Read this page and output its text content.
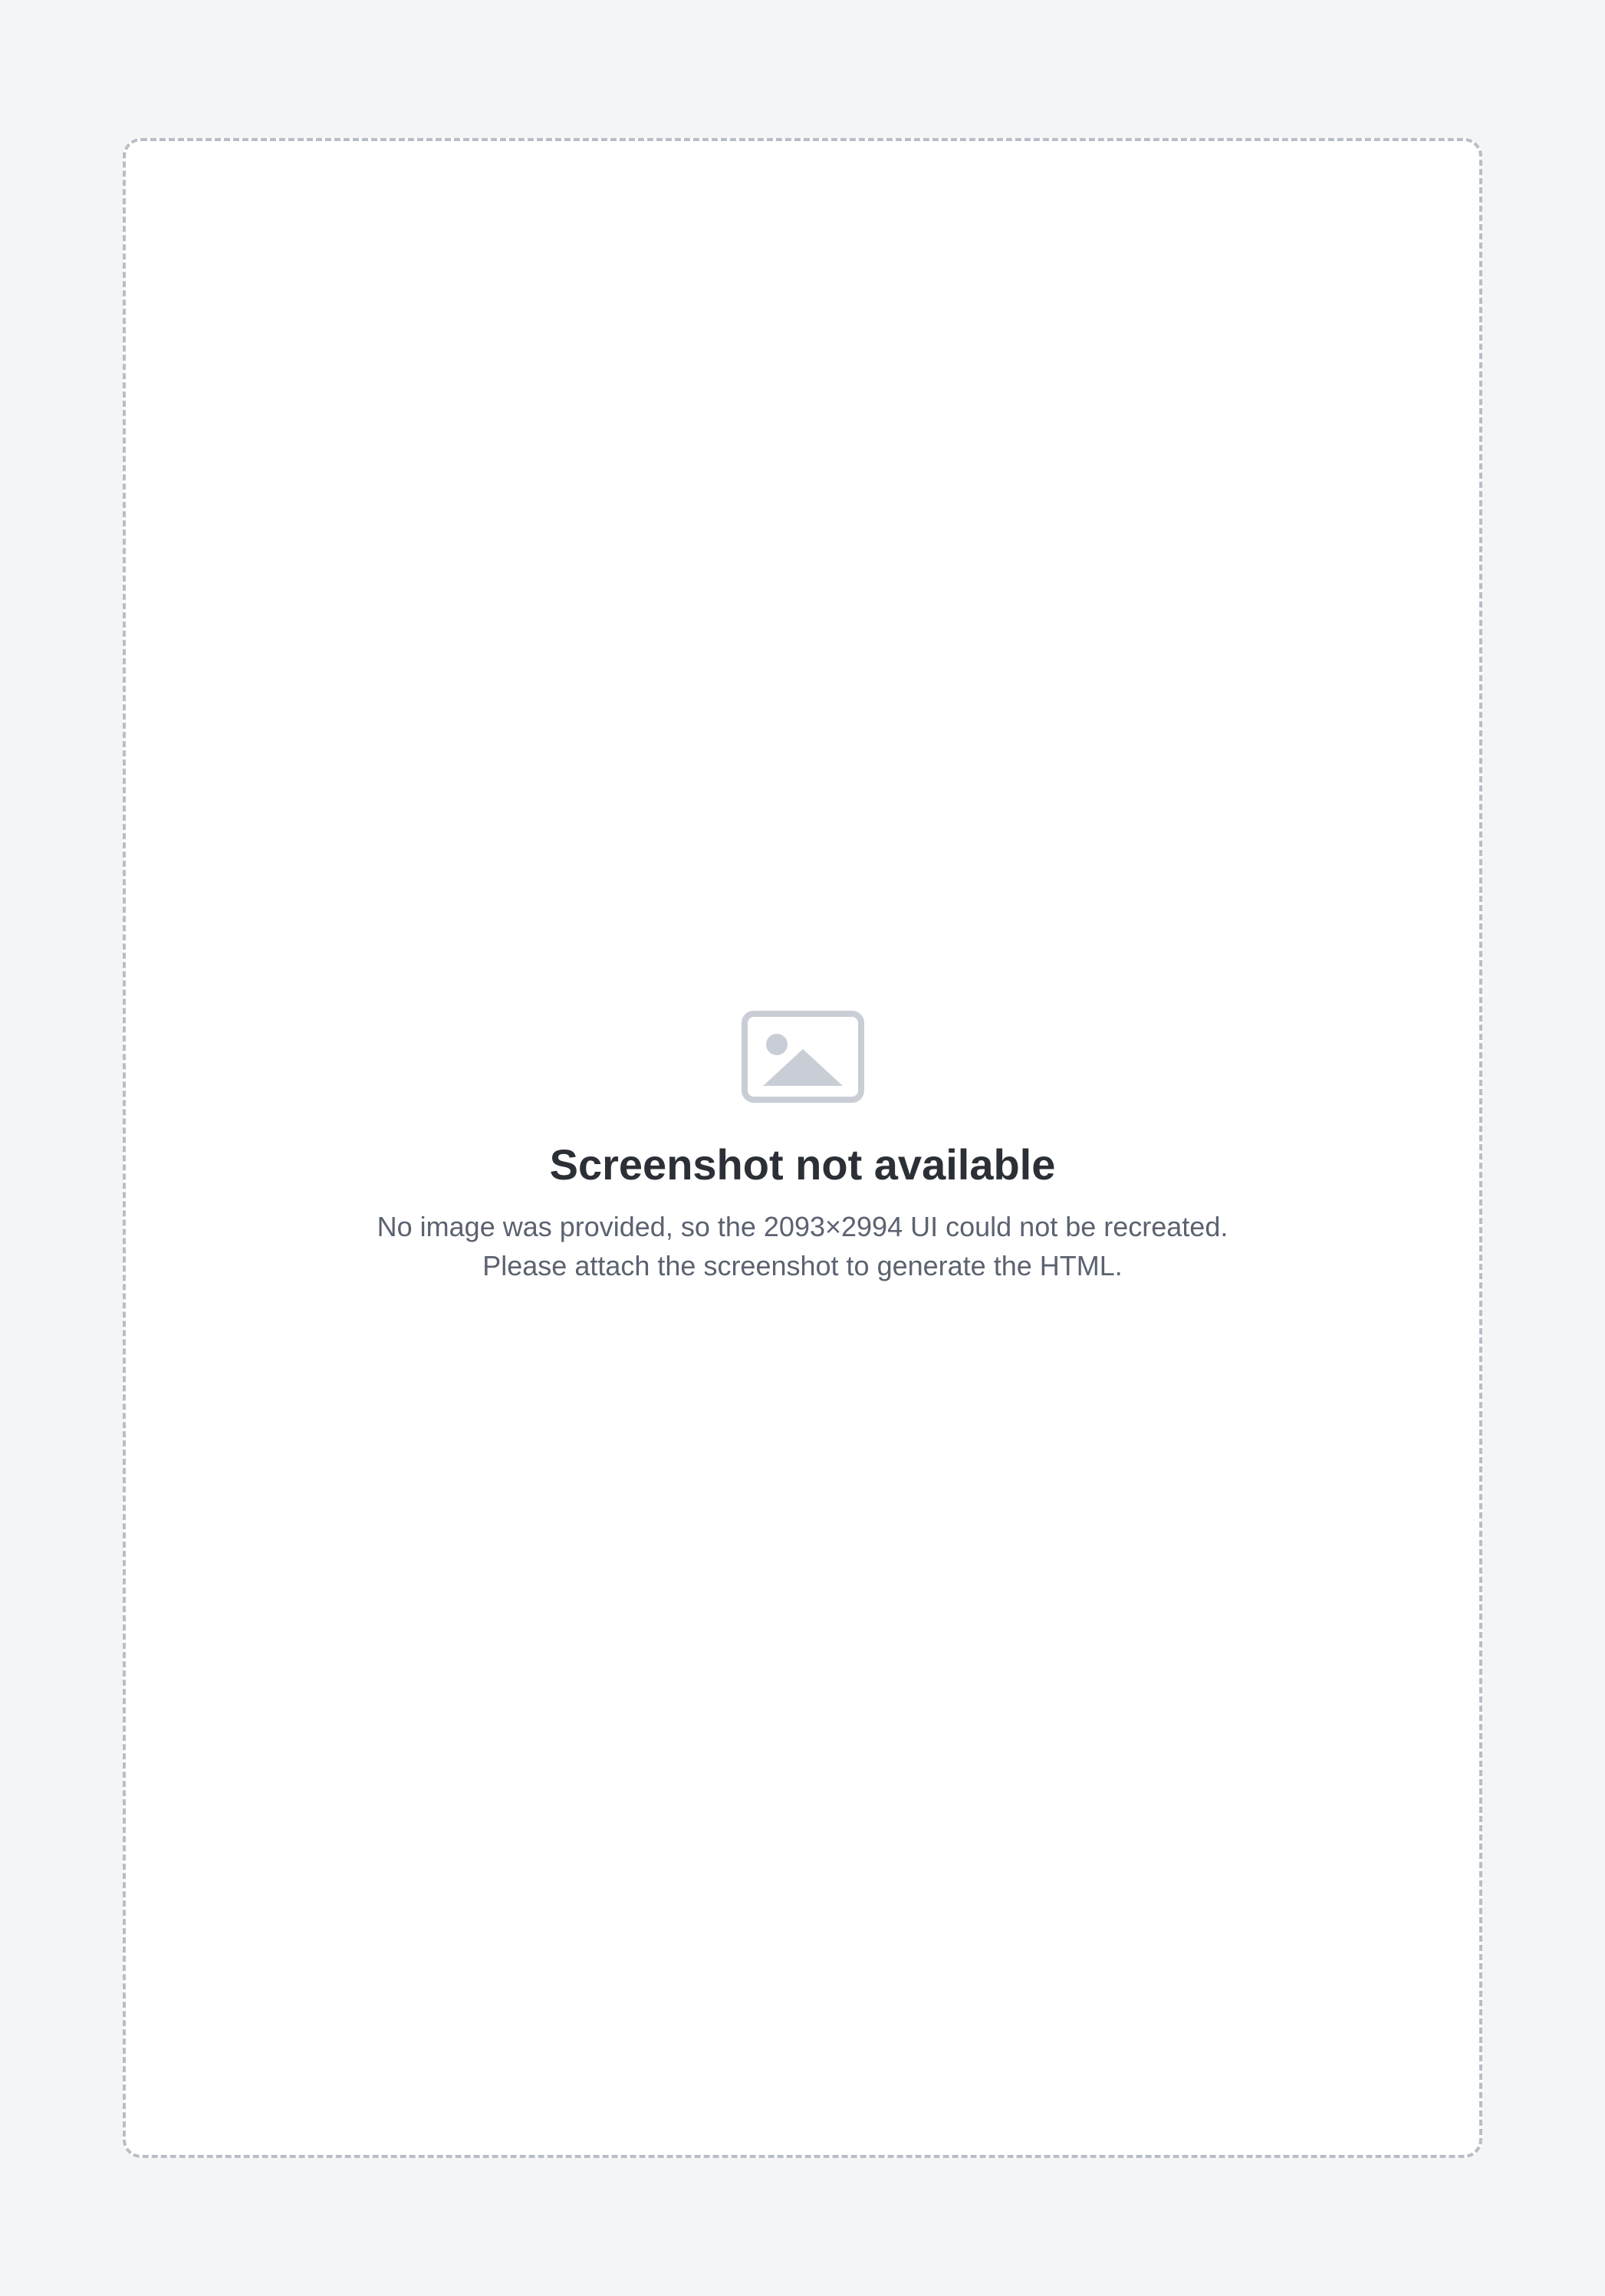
Screenshot not available

No image was provided, so the 2093×2994 UI could not be recreated. Please attach the screenshot to generate the HTML.
